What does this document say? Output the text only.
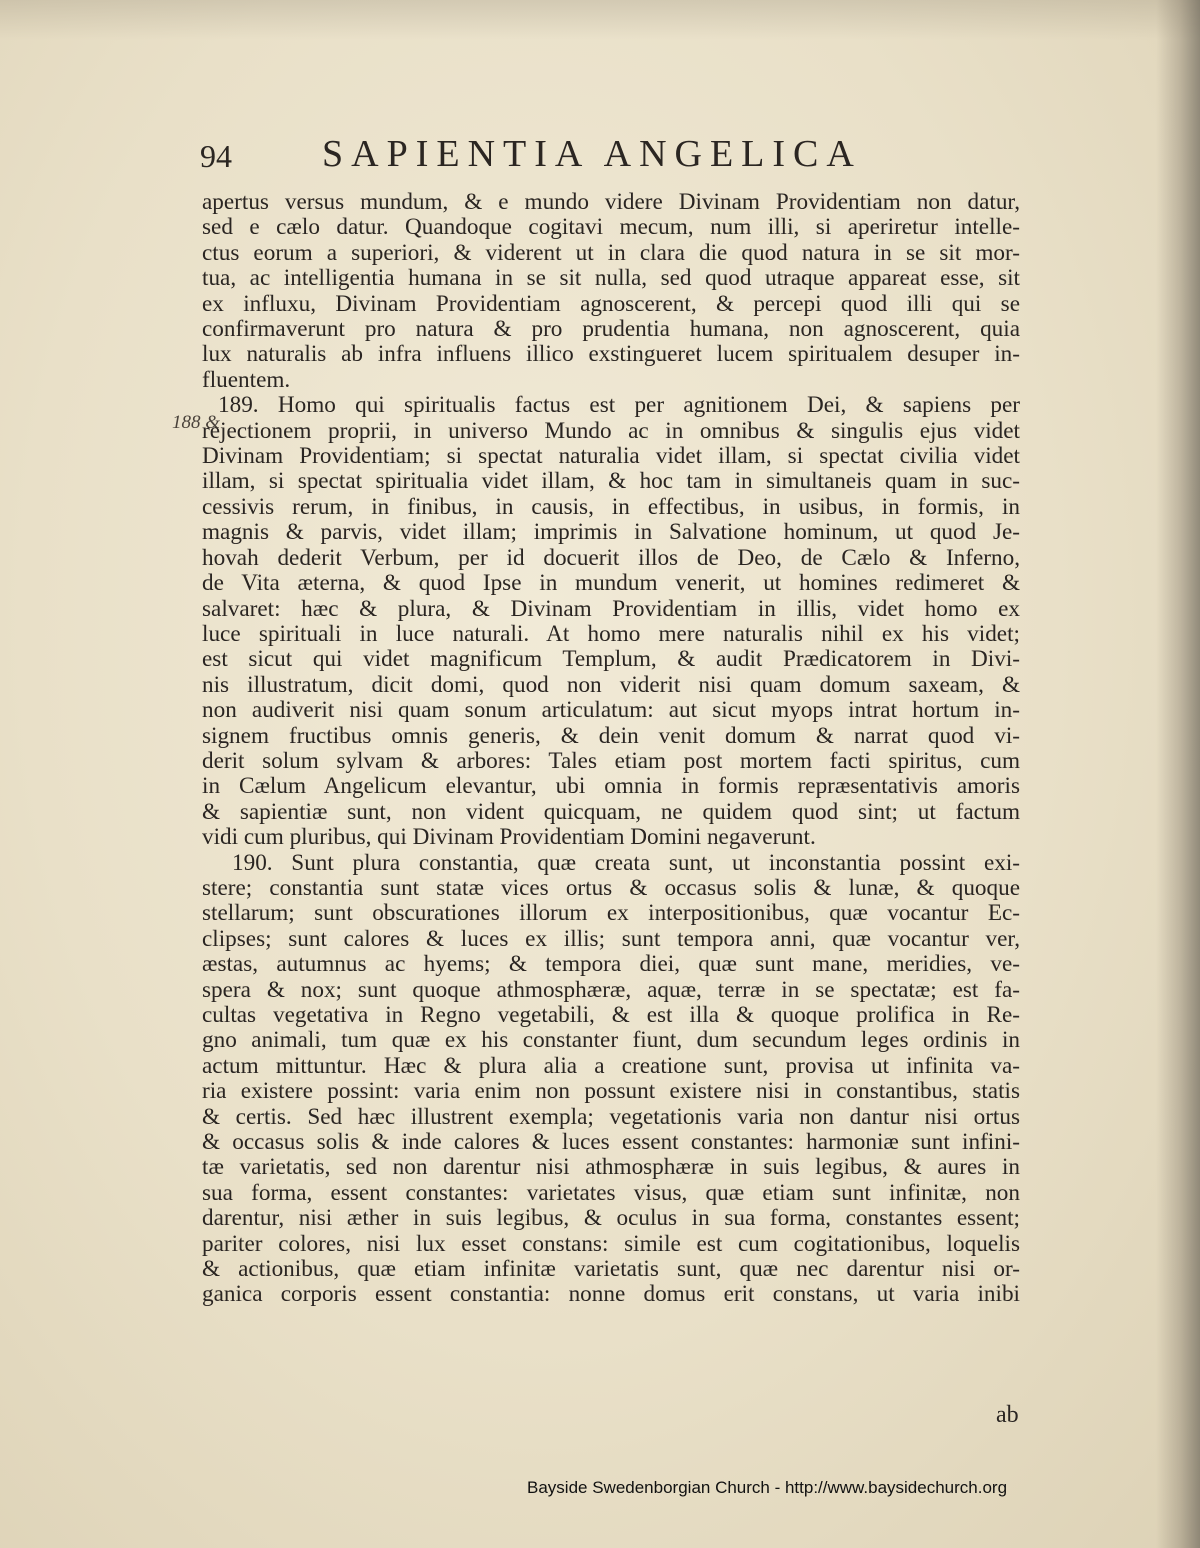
94 SAPIENTIA ANGELICA
188 &
apertus versus mundum, & e mundo videre Divinam Providentiam non datur,
sed e cælo datur. Quandoque cogitavi mecum, num illi, si aperiretur intelle-
ctus eorum a superiori, & viderent ut in clara die quod natura in se sit mor-
tua, ac intelligentia humana in se sit nulla, sed quod utraque appareat esse, sit
ex influxu, Divinam Providentiam agnoscerent, & percepi quod illi qui se
confirmaverunt pro natura & pro prudentia humana, non agnoscerent, quia
lux naturalis ab infra influens illico exstingueret lucem spiritualem desuper in-
fluentem.
189. Homo qui spiritualis factus est per agnitionem Dei, & sapiens per
rejectionem proprii, in universo Mundo ac in omnibus & singulis ejus videt
Divinam Providentiam; si spectat naturalia videt illam, si spectat civilia videt
illam, si spectat spiritualia videt illam, & hoc tam in simultaneis quam in suc-
cessivis rerum, in finibus, in causis, in effectibus, in usibus, in formis, in
magnis & parvis, videt illam; imprimis in Salvatione hominum, ut quod Je-
hovah dederit Verbum, per id docuerit illos de Deo, de Cælo & Inferno,
de Vita æterna, & quod Ipse in mundum venerit, ut homines redimeret &
salvaret: hæc & plura, & Divinam Providentiam in illis, videt homo ex
luce spirituali in luce naturali. At homo mere naturalis nihil ex his videt;
est sicut qui videt magnificum Templum, & audit Prædicatorem in Divi-
nis illustratum, dicit domi, quod non viderit nisi quam domum saxeam, &
non audiverit nisi quam sonum articulatum: aut sicut myops intrat hortum in-
signem fructibus omnis generis, & dein venit domum & narrat quod vi-
derit solum sylvam & arbores: Tales etiam post mortem facti spiritus, cum
in Cælum Angelicum elevantur, ubi omnia in formis repræsentativis amoris
& sapientiæ sunt, non vident quicquam, ne quidem quod sint; ut factum
vidi cum pluribus, qui Divinam Providentiam Domini negaverunt.
190. Sunt plura constantia, quæ creata sunt, ut inconstantia possint exi-
stere; constantia sunt statæ vices ortus & occasus solis & lunæ, & quoque
stellarum; sunt obscurationes illorum ex interpositionibus, quæ vocantur Ec-
clipses; sunt calores & luces ex illis; sunt tempora anni, quæ vocantur ver,
æstas, autumnus ac hyems; & tempora diei, quæ sunt mane, meridies, ve-
spera & nox; sunt quoque athmosphæræ, aquæ, terræ in se spectatæ; est fa-
cultas vegetativa in Regno vegetabili, & est illa & quoque prolifica in Re-
gno animali, tum quæ ex his constanter fiunt, dum secundum leges ordinis in
actum mittuntur. Hæc & plura alia a creatione sunt, provisa ut infinita va-
ria existere possint: varia enim non possunt existere nisi in constantibus, statis
& certis. Sed hæc illustrent exempla; vegetationis varia non dantur nisi ortus
& occasus solis & inde calores & luces essent constantes: harmoniæ sunt infini-
tæ varietatis, sed non darentur nisi athmosphæræ in suis legibus, & aures in
sua forma, essent constantes: varietates visus, quæ etiam sunt infinitæ, non
darentur, nisi æther in suis legibus, & oculus in sua forma, constantes essent;
pariter colores, nisi lux esset constans: simile est cum cogitationibus, loquelis
& actionibus, quæ etiam infinitæ varietatis sunt, quæ nec darentur nisi or-
ganica corporis essent constantia: nonne domus erit constans, ut varia inibi
ab
Bayside Swedenborgian Church - http://www.baysidechurch.org
